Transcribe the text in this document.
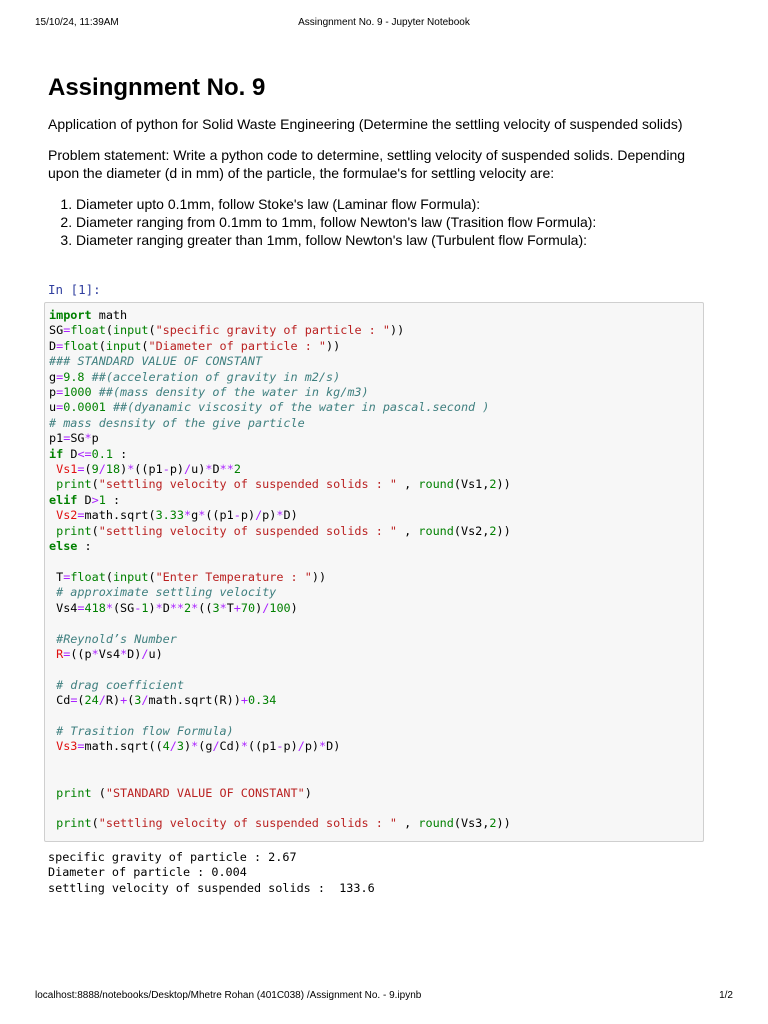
15/10/24, 11:39AM	Assingnment No. 9 - Jupyter Notebook
Assingnment No. 9
Application of python for Solid Waste Engineering (Determine the settling velocity of suspended solids)
Problem statement: Write a python code to determine, settling velocity of suspended solids. Depending upon the diameter (d in mm) of the particle, the formulae's for settling velocity are:
1. Diameter upto 0.1mm, follow Stoke's law (Laminar flow Formula):
2. Diameter ranging from 0.1mm to 1mm, follow Newton's law (Trasition flow Formula):
3. Diameter ranging greater than 1mm, follow Newton's law (Turbulent flow Formula):
In [1]:
import math
SG=float(input("specific gravity of particle : "))
D=float(input("Diameter of particle : "))
### STANDARD VALUE OF CONSTANT
g=9.8 ##(acceleration of gravity in m2/s)
p=1000 ##(mass density of the water in kg/m3)
u=0.0001 ##(dyanamic viscosity of the water in pascal.second )
# mass desnsity of the give particle
p1=SG*p
if D<=0.1 :
Vs1=(9/18)*((p1-p)/u)*D**2
print("settling velocity of suspended solids : " , round(Vs1,2))
elif D>1 :
Vs2=math.sqrt(3.33*g*((p1-p)/p)*D)
print("settling velocity of suspended solids : " , round(Vs2,2))
else :

T=float(input("Enter Temperature : "))
# approximate settling velocity
Vs4=418*(SG-1)*D**2*((3*T+70)/100)

#Reynold’s Number
R=((p*Vs4*D)/u)

# drag coefficient
Cd=(24/R)+(3/math.sqrt(R))+0.34

# Trasition flow Formula)
Vs3=math.sqrt((4/3)*(g/Cd)*((p1-p)/p)*D)

print ("STANDARD VALUE OF CONSTANT")

print("settling velocity of suspended solids : " , round(Vs3,2))
specific gravity of particle : 2.67
Diameter of particle : 0.004
settling velocity of suspended solids :  133.6
localhost:8888/notebooks/Desktop/Mhetre Rohan (401C038) /Assignment No. - 9.ipynb	1/2
